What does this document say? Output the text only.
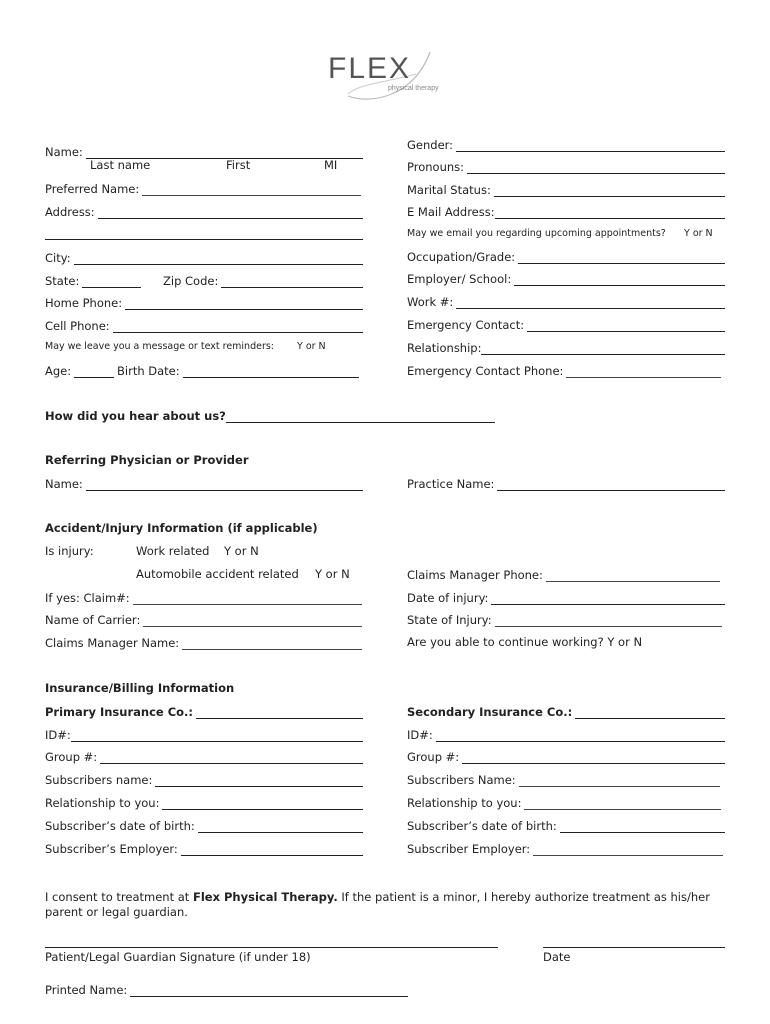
FLEX
physical therapy
Name:
Last name	First	MI
Preferred Name:
Address:
City:
State:	Zip Code:
Home Phone:
Cell Phone:
May we leave you a message or text reminders: Y or N
Age:	Birth Date:
Gender:
Pronouns:
Marital Status:
E Mail Address:
May we email you regarding upcoming appointments? Y or N
Occupation/Grade:
Employer/ School:
Work #:
Emergency Contact:
Relationship:
Emergency Contact Phone:
How did you hear about us?
Referring Physician or Provider
Name:	Practice Name:
Accident/Injury Information (if applicable)
Is injury:	Work related Y or N
Automobile accident related Y or N	Claims Manager Phone:
If yes: Claim#:	Date of injury:
Name of Carrier:	State of Injury:
Claims Manager Name:	Are you able to continue working? Y or N
Insurance/Billing Information
Primary Insurance Co.:
ID#:
Group #:
Subscribers name:
Relationship to you:
Subscriber’s date of birth:
Subscriber’s Employer:
Secondary Insurance Co.:
ID#:
Group #:
Subscribers Name:
Relationship to you:
Subscriber’s date of birth:
Subscriber Employer:
I consent to treatment at Flex Physical Therapy. If the patient is a minor, I hereby authorize treatment as his/her
parent or legal guardian.
Patient/Legal Guardian Signature (if under 18)	Date
Printed Name:
